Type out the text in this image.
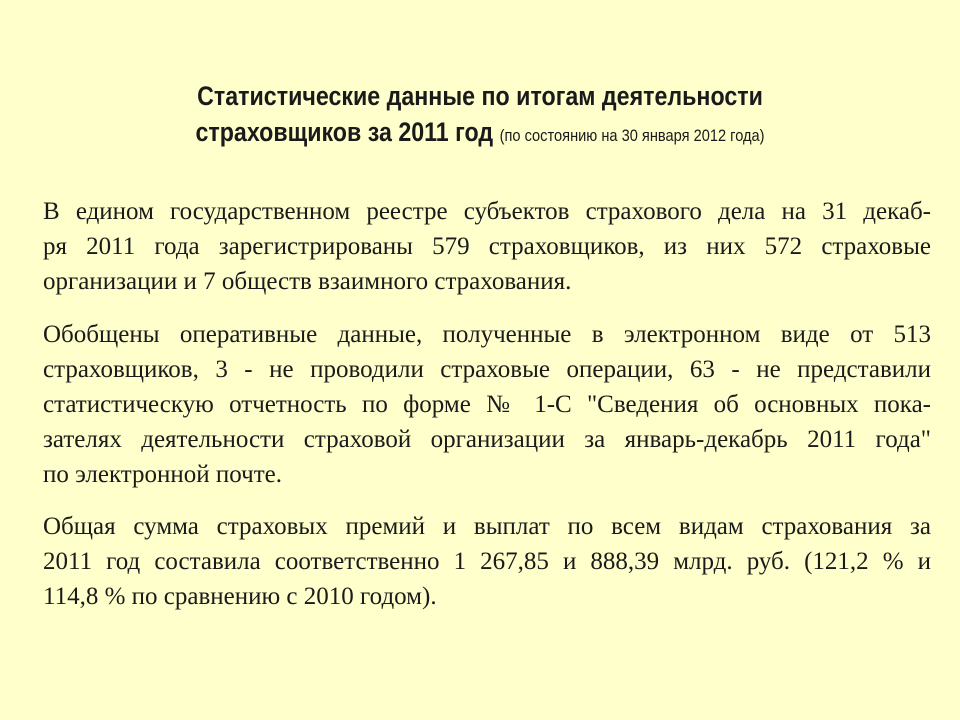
Статистические данные по итогам деятельности
страховщиков за 2011 год (по состоянию на 30 января 2012 года)
В едином государственном реестре субъектов страхового дела на 31 декаб-
ря 2011 года зарегистрированы 579 страховщиков, из них 572 страховые
организации и 7 обществ взаимного страхования.
Обобщены оперативные данные, полученные в электронном виде от 513
страховщиков, 3 - не проводили страховые операции, 63 - не представили
статистическую отчетность по форме № 1-С "Сведения об основных пока-
зателях деятельности страховой организации за январь-декабрь 2011 года"
по электронной почте.
Общая сумма страховых премий и выплат по всем видам страхования за
2011 год составила соответственно 1 267,85 и 888,39 млрд. руб. (121,2 % и
114,8 % по сравнению с 2010 годом).
